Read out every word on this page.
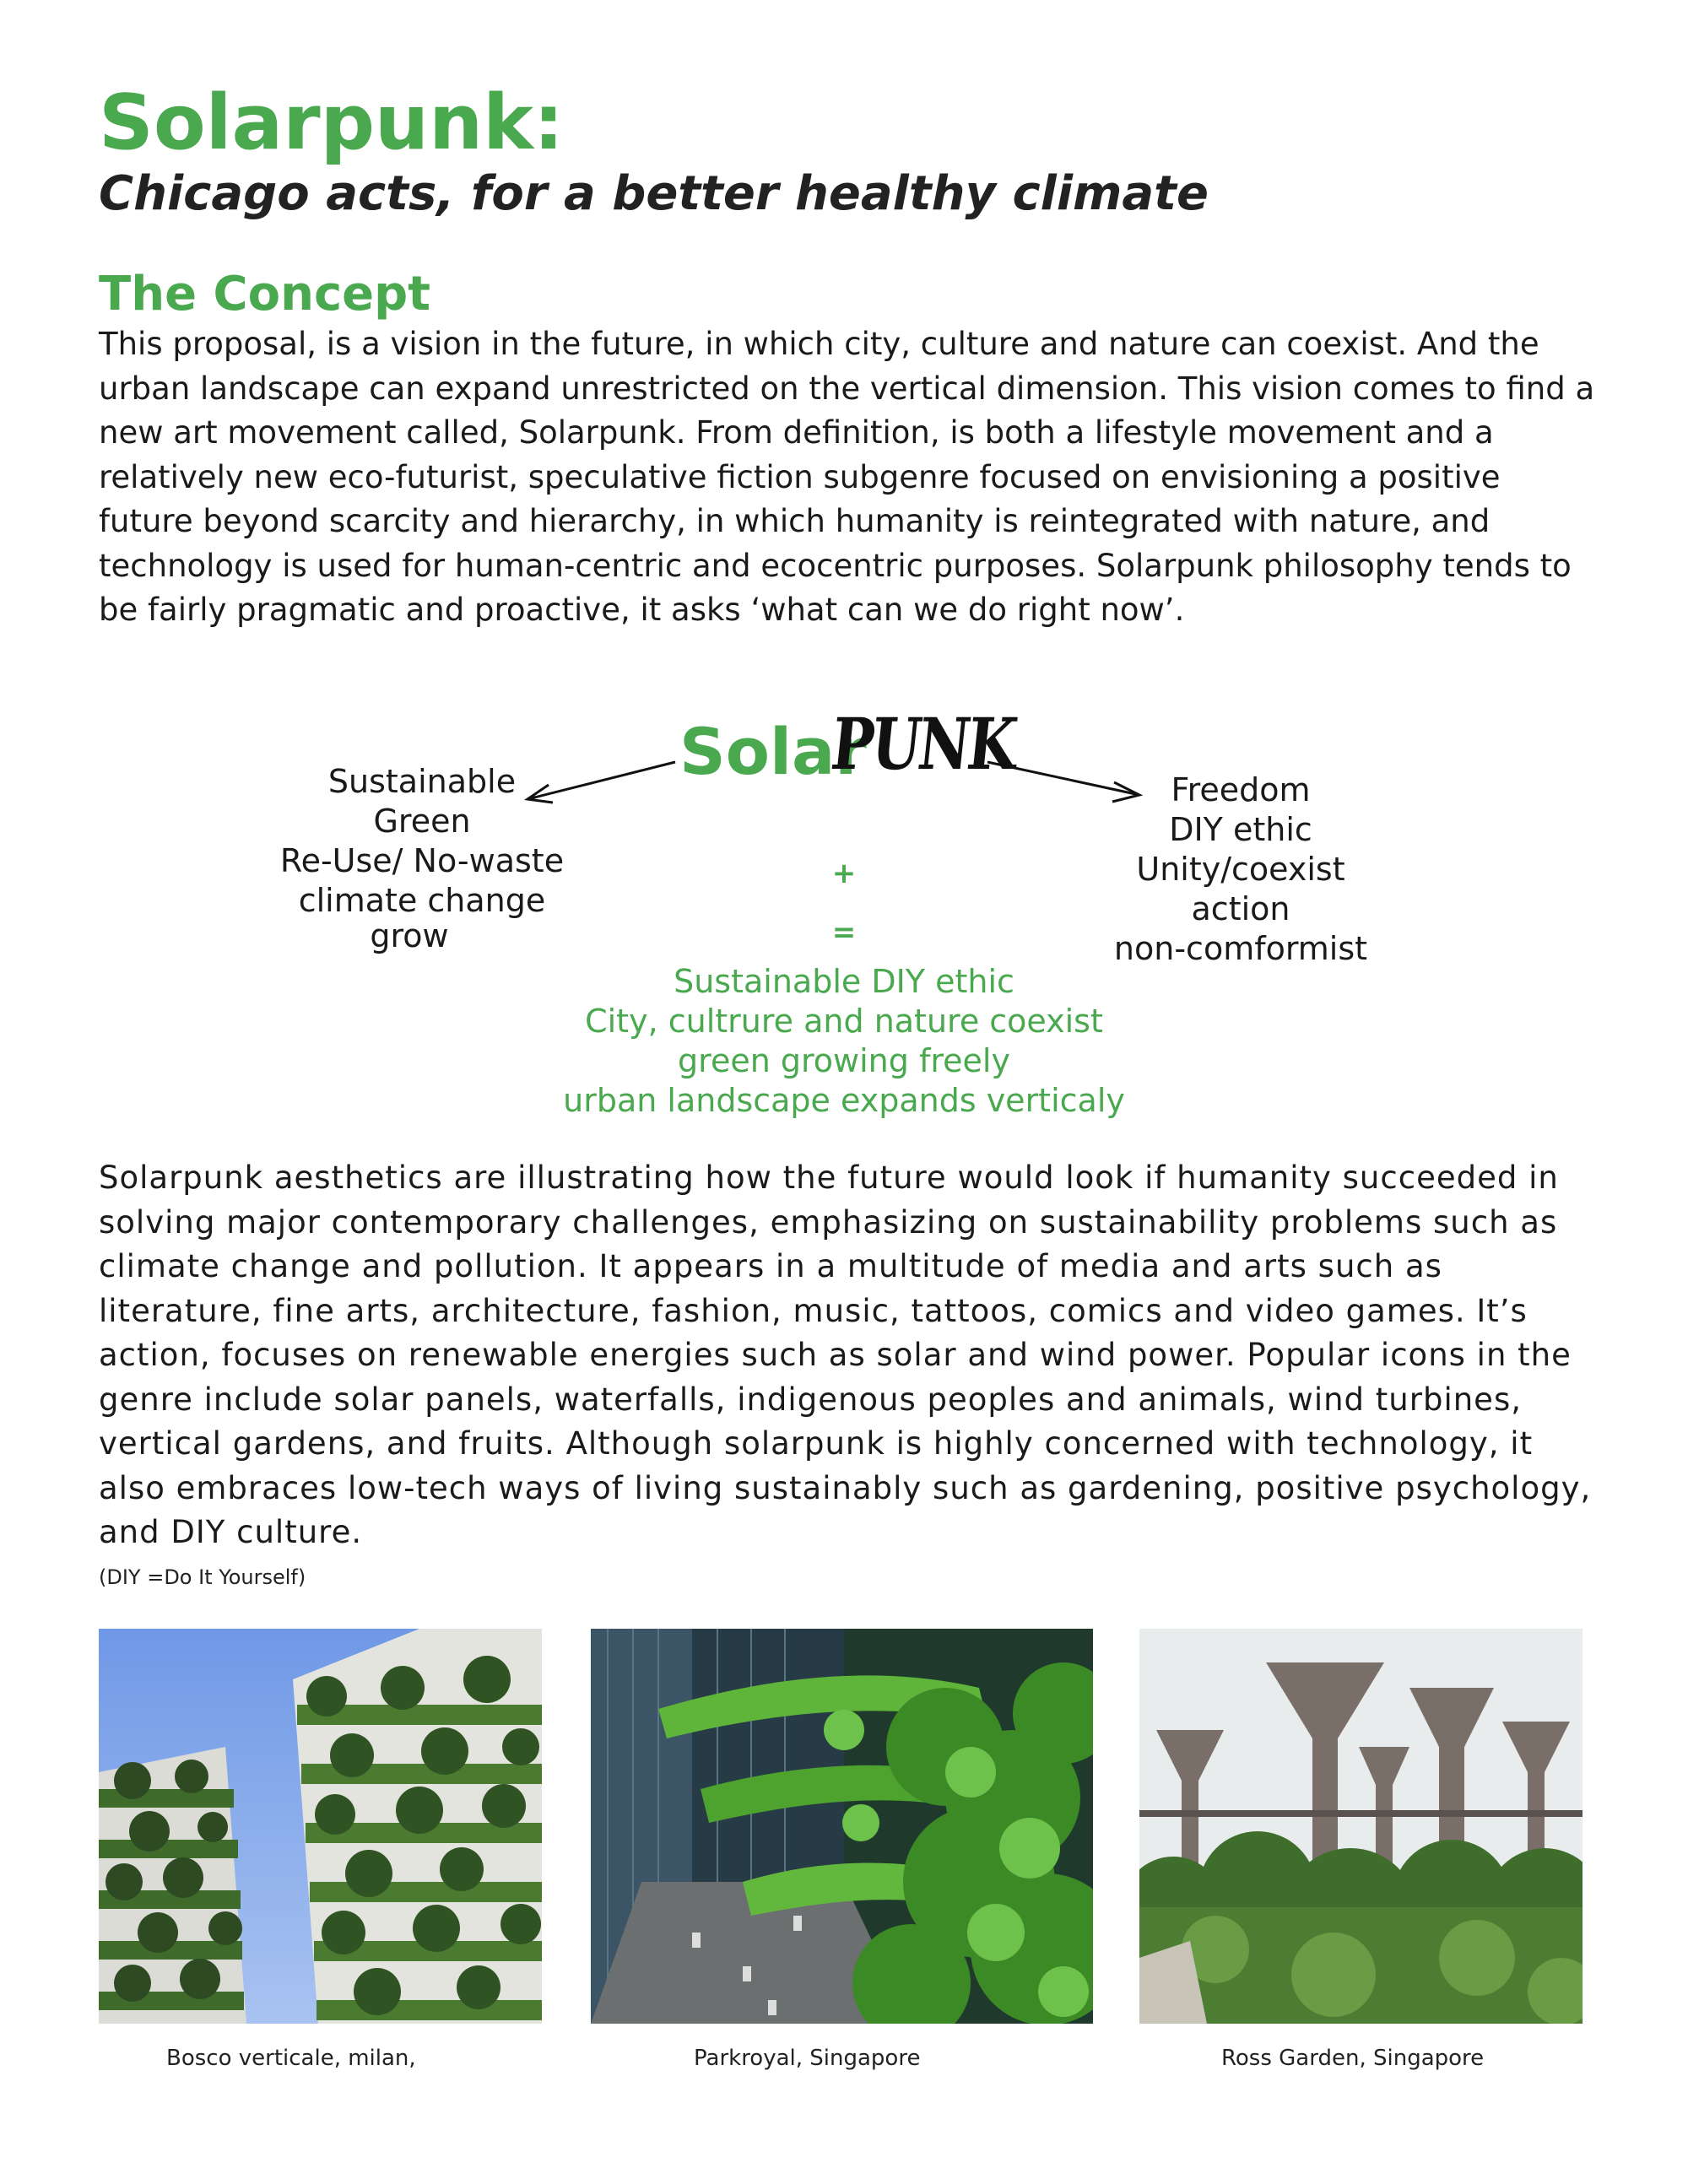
Solarpunk:
Chicago acts, for a better healthy climate
The Concept

This proposal, is a vision in the future, in which city, culture and nature can coexist. And the urban landscape can expand unrestricted on the vertical dimension. This vision comes to find a new art movement called, Solarpunk. From definition, is both a lifestyle movement and a relatively new eco-futurist, speculative fiction subgenre focused on envisioning a positive future beyond scarcity and hierarchy, in which humanity is reintegrated with nature, and technology is used for human-centric and ecocentric purposes. Solarpunk philosophy tends to be fairly pragmatic and proactive, it asks ‘what can we do right now’.

Solar
PUNK
Sustainable
Green
Re-Use/ No-waste
climate change
grow
Freedom
DIY ethic
Unity/coexist
action
non-comformist
+
=
Sustainable DIY ethic
City, cultrure and nature coexist
green growing freely
urban landscape expands verticaly

Solarpunk aesthetics are illustrating how the future would look if humanity succeeded in solving major contemporary challenges, emphasizing on sustainability problems such as climate change and pollution. It appears in a multitude of media and arts such as literature, fine arts, architecture, fashion, music, tattoos, comics and video games. It’s action, focuses on renewable energies such as solar and wind power. Popular icons in the genre include solar panels, waterfalls, indigenous peoples and animals, wind turbines, vertical gardens, and fruits. Although solarpunk is highly concerned with technology, it also embraces low-tech ways of living sustainably such as gardening, positive psychology, and DIY culture.

(DIY =Do It Yourself)

Bosco verticale, milan,	Parkroyal, Singapore	Ross Garden, Singapore
